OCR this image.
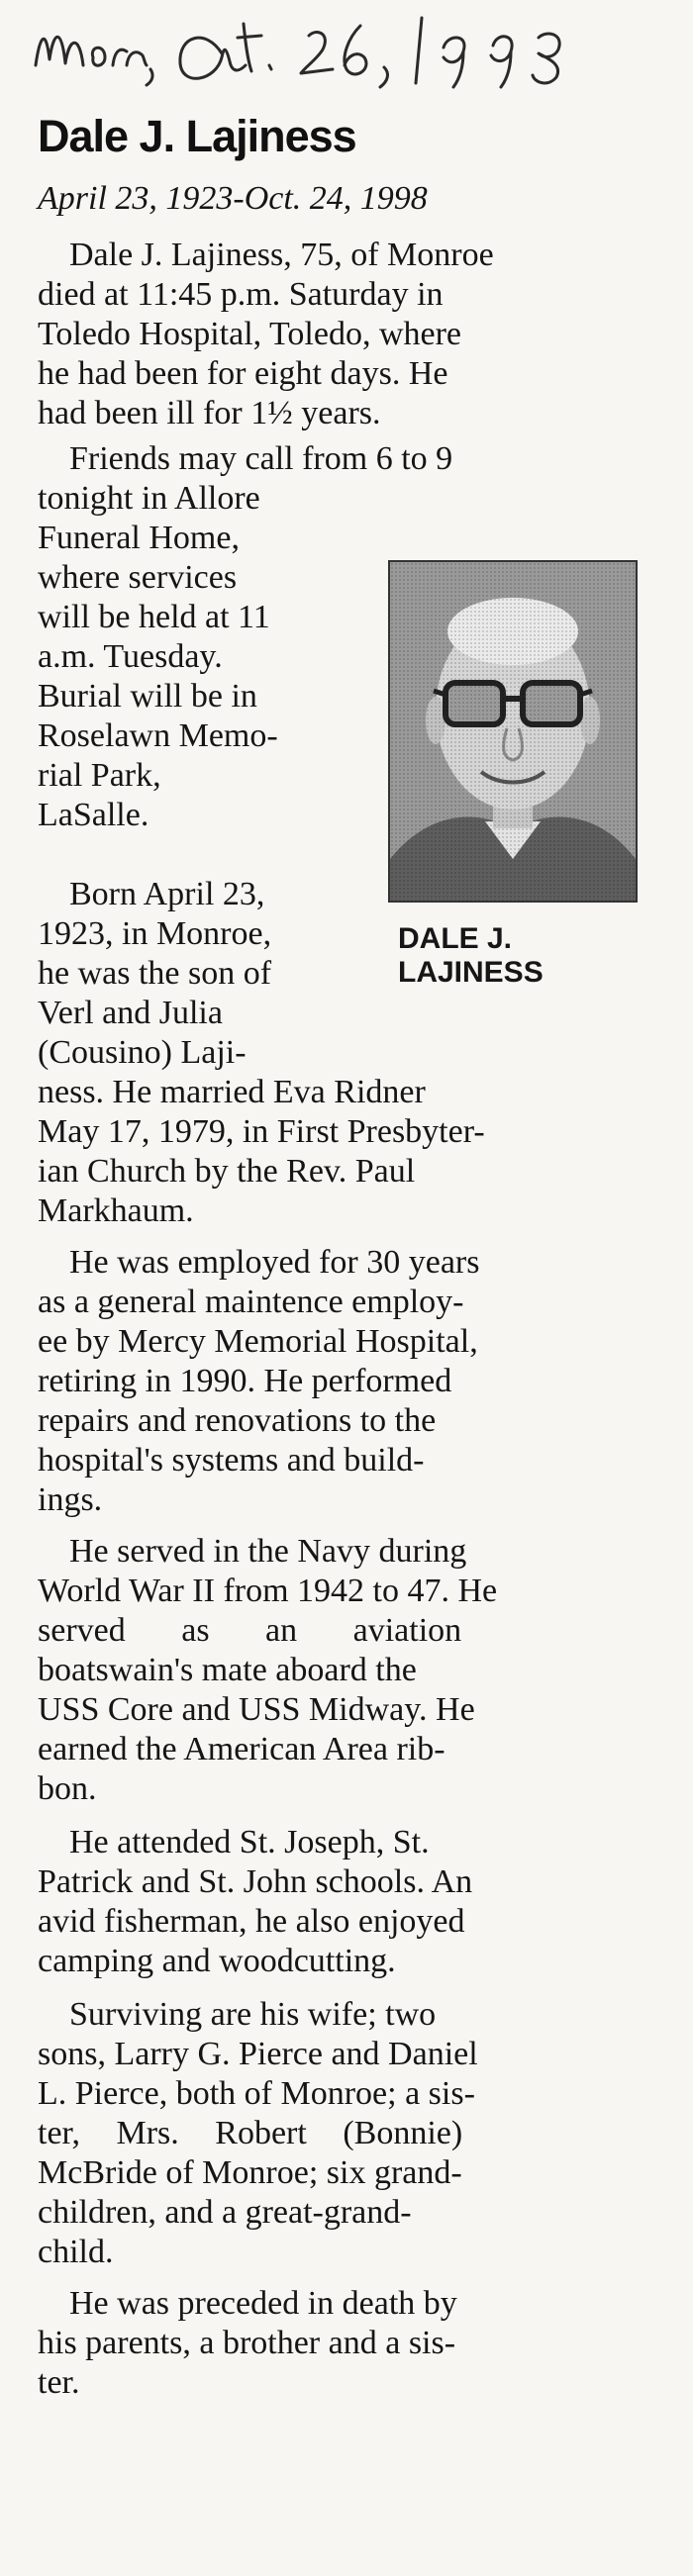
Dale J. Lajiness
April 23, 1923-Oct. 24, 1998
Dale J. Lajiness, 75, of Monroe
died at 11:45 p.m. Saturday in
Toledo Hospital, Toledo, where
he had been for eight days. He
had been ill for 1½ years.
Friends may call from 6 to 9
tonight in Allore
Funeral Home,
where services
will be held at 11
a.m. Tuesday.
Burial will be in
Roselawn Memo-
rial Park,
LaSalle.
DALE J.
LAJINESS
Born April 23,
1923, in Monroe,
he was the son of
Verl and Julia
(Cousino) Laji-
ness. He married Eva Ridner
May 17, 1979, in First Presbyter-
ian Church by the Rev. Paul
Markhaum.
He was employed for 30 years
as a general maintence employ-
ee by Mercy Memorial Hospital,
retiring in 1990. He performed
repairs and renovations to the
hospital's systems and build-
ings.
He served in the Navy during
World War II from 1942 to 47. He
served as an aviation
boatswain's mate aboard the
USS Core and USS Midway. He
earned the American Area rib-
bon.
He attended St. Joseph, St.
Patrick and St. John schools. An
avid fisherman, he also enjoyed
camping and woodcutting.
Surviving are his wife; two
sons, Larry G. Pierce and Daniel
L. Pierce, both of Monroe; a sis-
ter, Mrs. Robert (Bonnie)
McBride of Monroe; six grand-
children, and a great-grand-
child.
He was preceded in death by
his parents, a brother and a sis-
ter.
